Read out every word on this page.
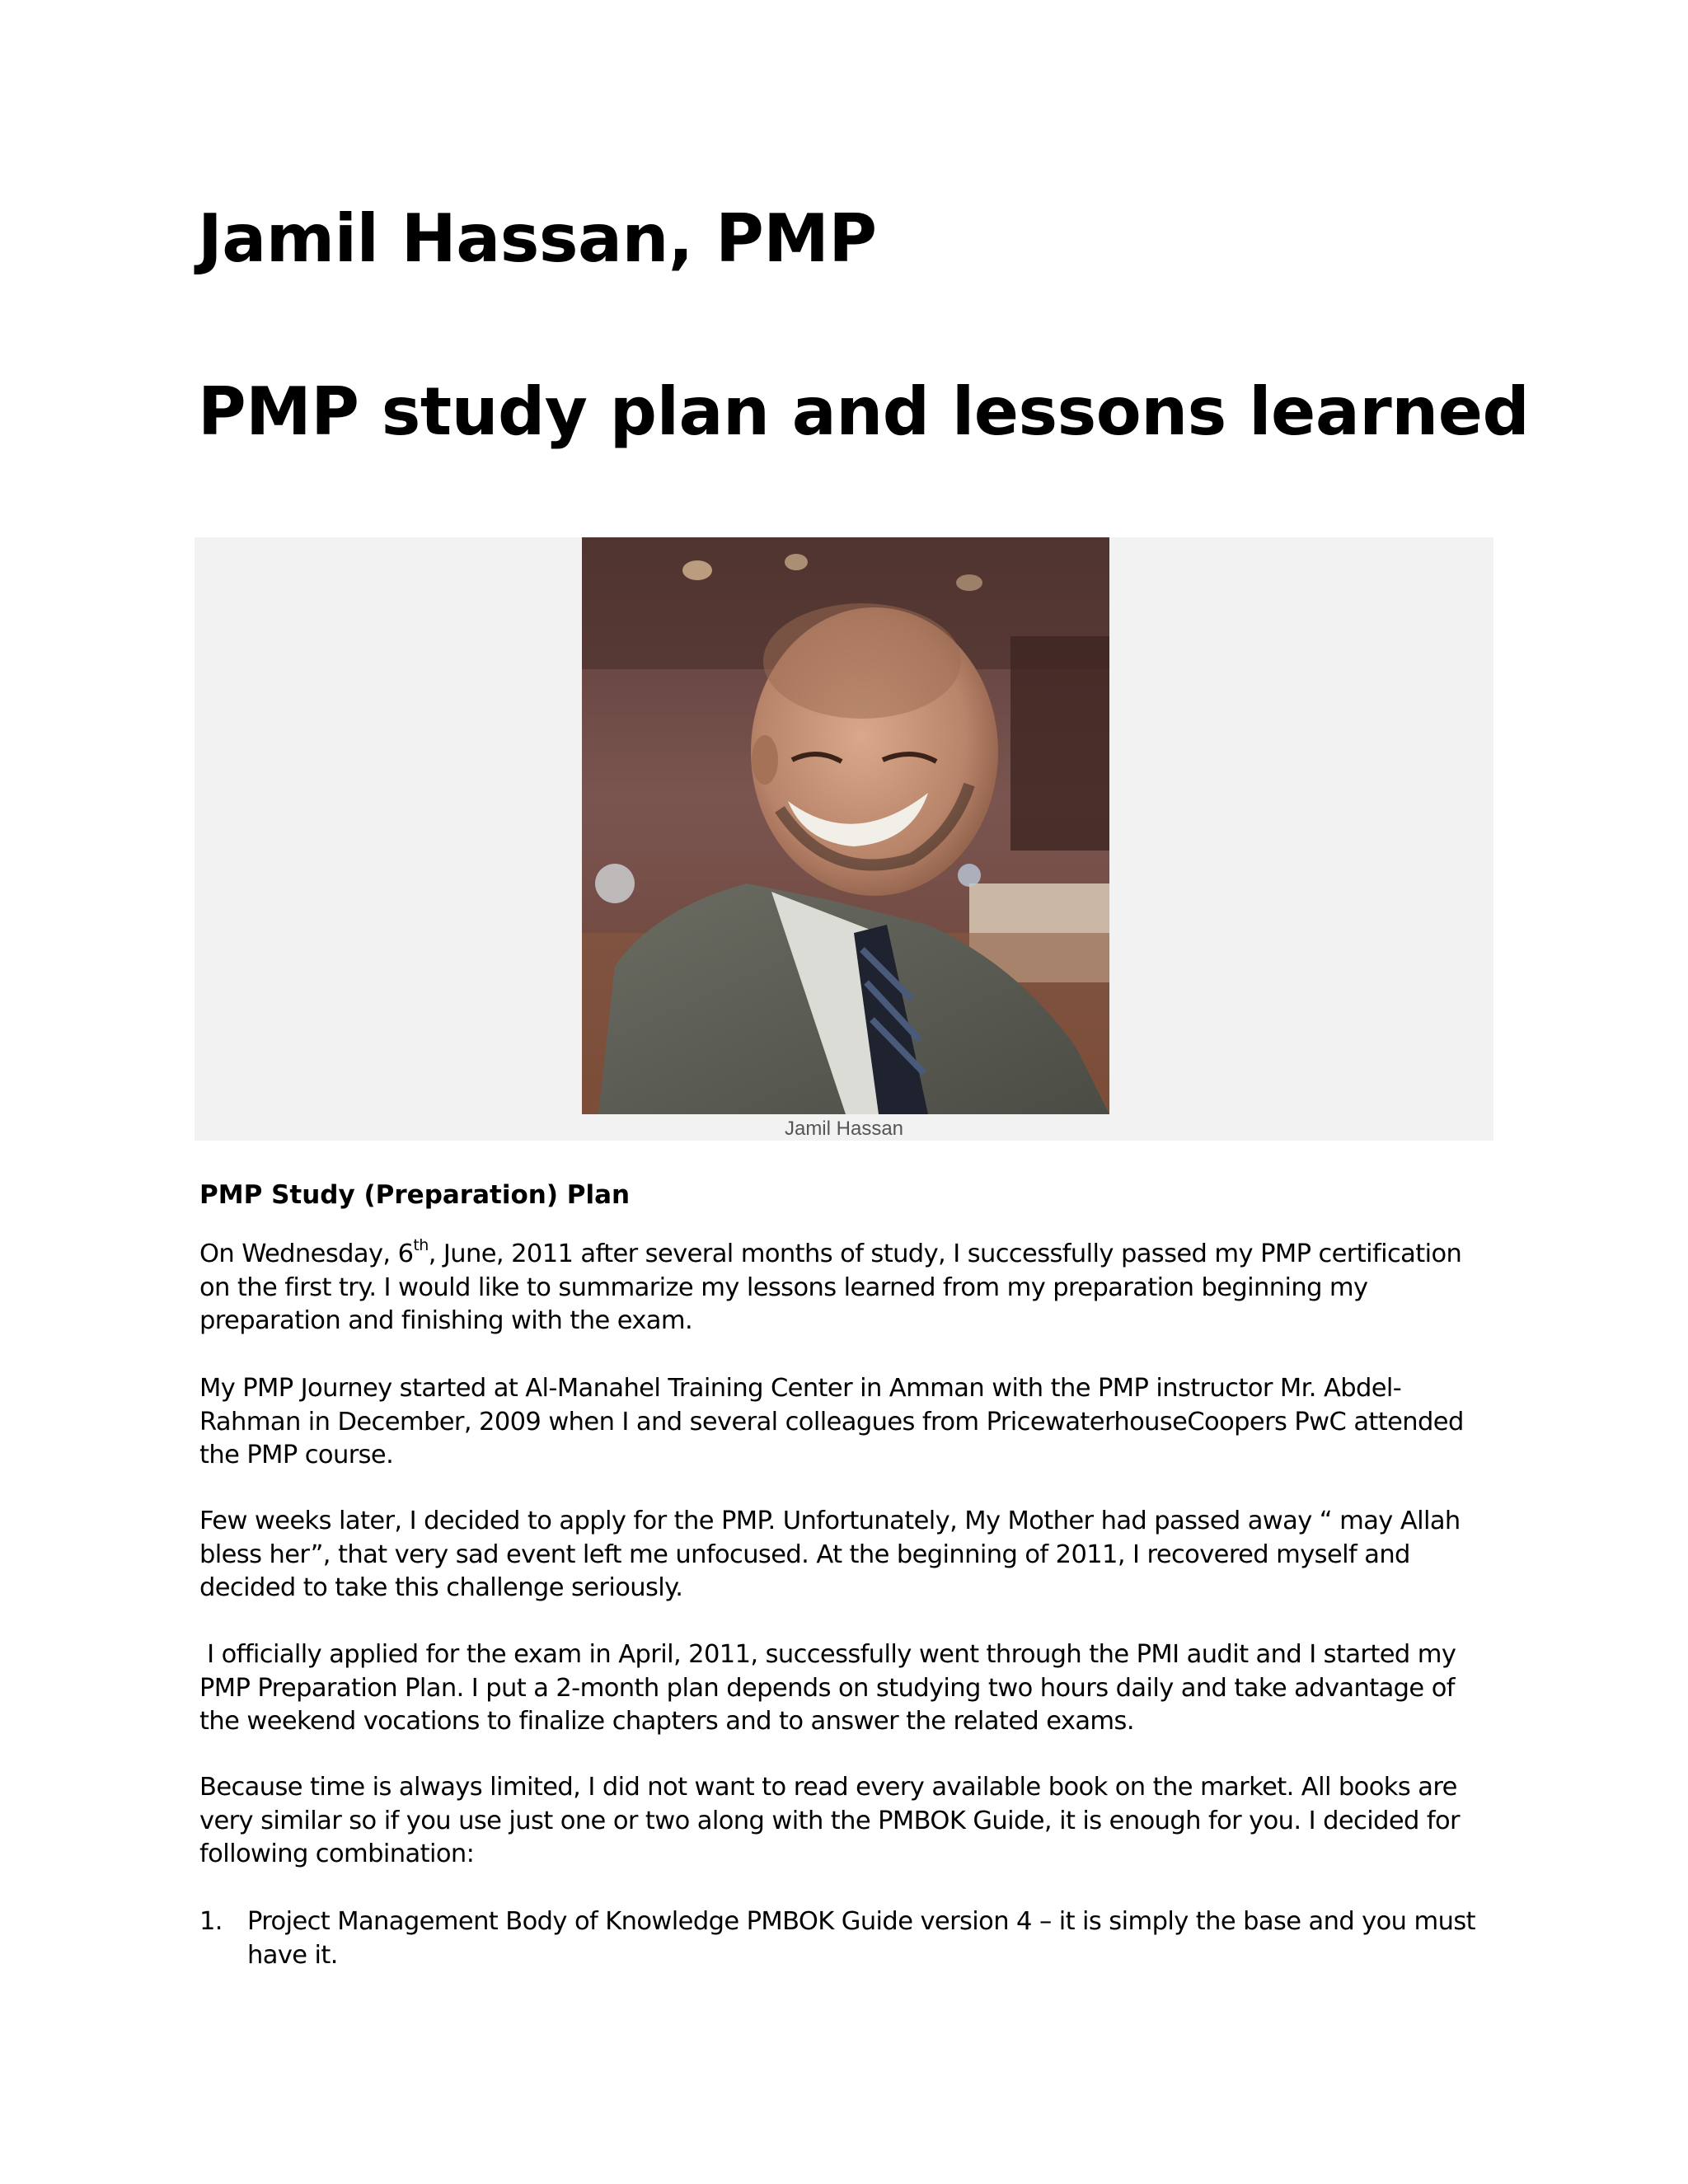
Jamil Hassan, PMP
PMP study plan and lessons learned
Jamil Hassan
PMP Study (Preparation) Plan

On Wednesday, 6th, June, 2011 after several months of study, I successfully passed my PMP certification
on the first try. I would like to summarize my lessons learned from my preparation beginning my
preparation and finishing with the exam.

My PMP Journey started at Al-Manahel Training Center in Amman with the PMP instructor Mr. Abdel-
Rahman in December, 2009 when I and several colleagues from PricewaterhouseCoopers PwC attended
the PMP course.

Few weeks later, I decided to apply for the PMP. Unfortunately, My Mother had passed away “ may Allah
bless her”, that very sad event left me unfocused. At the beginning of 2011, I recovered myself and
decided to take this challenge seriously.

I officially applied for the exam in April, 2011, successfully went through the PMI audit and I started my
PMP Preparation Plan. I put a 2-month plan depends on studying two hours daily and take advantage of
the weekend vocations to finalize chapters and to answer the related exams.

Because time is always limited, I did not want to read every available book on the market. All books are
very similar so if you use just one or two along with the PMBOK Guide, it is enough for you. I decided for
following combination:

1. Project Management Body of Knowledge PMBOK Guide version 4 – it is simply the base and you must
have it.
